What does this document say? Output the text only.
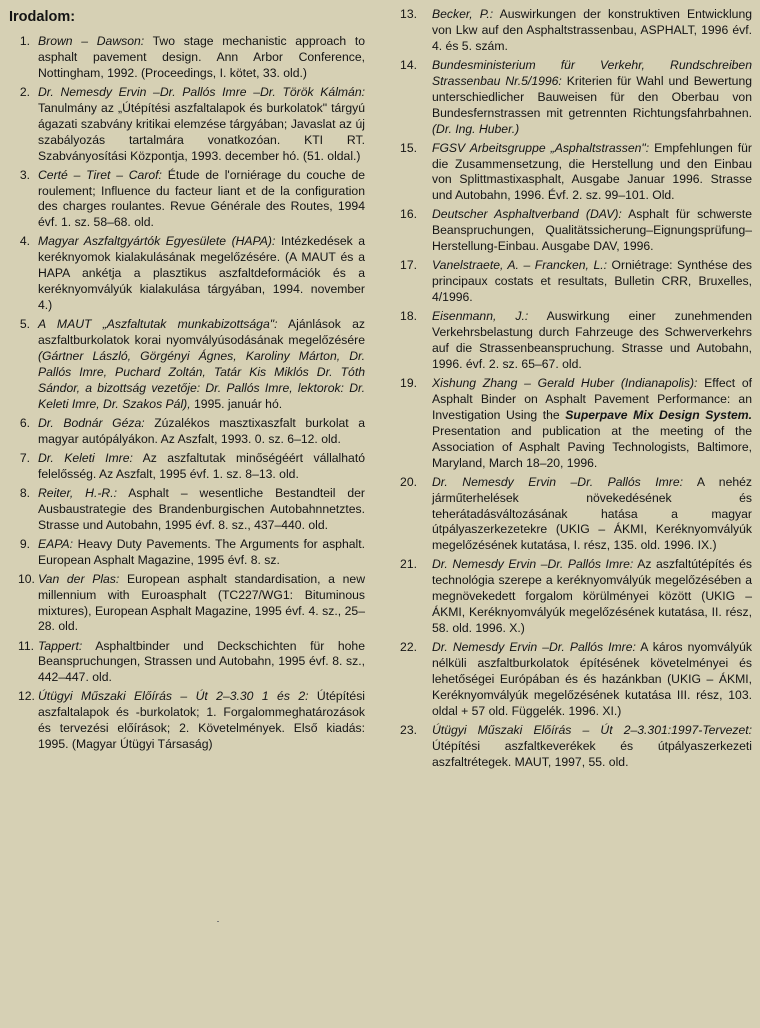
Irodalom:
1. Brown – Dawson: Two stage mechanistic approach to asphalt pavement design. Ann Arbor Conference, Nottingham, 1992. (Proceedings, I. kötet, 33. old.)
2. Dr. Nemesdy Ervin –Dr. Pallós Imre –Dr. Török Kálmán: Tanulmány az „Útépítési aszfaltalapok és burkolatok" tárgyú ágazati szabvány kritikai elemzése tárgyában; Javaslat az új szabályozás tartalmára vonatkozóan. KTI RT. Szabványosítási Központja, 1993. december hó. (51. oldal.)
3. Certé – Tiret – Carof: Étude de l'orniérage du couche de roulement; Influence du facteur liant et de la configuration des charges roulantes. Revue Générale des Routes, 1994 évf. 1. sz. 58–68. old.
4. Magyar Aszfaltgyártók Egyesülete (HAPA): Intézkedések a keréknyomok kialakulásának megelőzésére. (A MAUT és a HAPA ankétja a plasztikus aszfaltdeformációk és a keréknyomvályúk kialakulása tárgyában, 1994. november 4.)
5. A MAUT „Aszfaltutak munkabizottsága": Ajánlások az aszfaltburkolatok korai nyomvályúsodásának megelőzésére (Gártner László, Görgényi Ágnes, Karoliny Márton, Dr. Pallós Imre, Puchard Zoltán, Tatár Kis Miklós Dr. Tóth Sándor, a bizottság vezetője: Dr. Pallós Imre, lektorok: Dr. Keleti Imre, Dr. Szakos Pál), 1995. január hó.
6. Dr. Bodnár Géza: Zúzalékos masztixaszfalt burkolat a magyar autópályákon. Az Aszfalt, 1993. 0. sz. 6–12. old.
7. Dr. Keleti Imre: Az aszfaltutak minőségéért vállalható felelősség. Az Aszfalt, 1995 évf. 1. sz. 8–13. old.
8. Reiter, H.-R.: Asphalt – wesentliche Bestandteil der Ausbaustrategie des Brandenburgischen Autobahnnetztes. Strasse und Autobahn, 1995 évf. 8. sz., 437–440. old.
9. EAPA: Heavy Duty Pavements. The Arguments for asphalt. European Asphalt Magazine, 1995 évf. 8. sz.
10. Van der Plas: European asphalt standardisation, a new millennium with Euroasphalt (TC227/WG1: Bituminous mixtures), European Asphalt Magazine, 1995 évf. 4. sz., 25–28. old.
11. Tappert: Asphaltbinder und Deckschichten für hohe Beanspruchungen, Strassen und Autobahn, 1995 évf. 8. sz., 442–447. old.
12. Útügyi Műszaki Előírás – Út 2–3.30 1 és 2: Útépítési aszfaltalapok és -burkolatok; 1. Forgalommeghatározások és tervezési előírások; 2. Követelmények. Első kiadás: 1995. (Magyar Útügyi Társaság)
13. Becker, P.: Auswirkungen der konstruktiven Entwicklung von Lkw auf den Asphaltstrassenbau, ASPHALT, 1996 évf. 4. és 5. szám.
14. Bundesministerium für Verkehr, Rundschreiben Strassenbau Nr.5/1996: Kriterien für Wahl und Bewertung unterschiedlicher Bauweisen für den Oberbau von Bundesfernstrassen mit getrennten Richtungsfahrbahnen. (Dr. Ing. Huber.)
15. FGSV Arbeitsgruppe „Asphaltstrassen": Empfehlungen für die Zusammensetzung, die Herstellung und den Einbau von Splittmastixasphalt, Ausgabe Januar 1996. Strasse und Autobahn, 1996. Évf. 2. sz. 99–101. Old.
16. Deutscher Asphaltverband (DAV): Asphalt für schwerste Beanspruchungen, Qualitätssicherung–Eignungsprüfung–Herstellung-Einbau. Ausgabe DAV, 1996.
17. Vanelstraete, A. – Francken, L.: Orniétrage: Synthése des principaux costats et resultats, Bulletin CRR, Bruxelles, 4/1996.
18. Eisenmann, J.: Auswirkung einer zunehmenden Verkehrsbelastung durch Fahrzeuge des Schwerverkehrs auf die Strassenbeanspruchung. Strasse und Autobahn, 1996. évf. 2. sz. 65–67. old.
19. Xishung Zhang – Gerald Huber (Indianapolis): Effect of Asphalt Binder on Asphalt Pavement Performance: an Investigation Using the Superpave Mix Design System. Presentation and publication at the meeting of the Association of Asphalt Paving Technologists, Baltimore, Maryland, March 18–20, 1996.
20. Dr. Nemesdy Ervin –Dr. Pallós Imre: A nehéz járműterhelések növekedésének és teherátadásváltozásának hatása a magyar útpályaszerkezetekre (UKIG – ÁKMI, Keréknyomvályúk megelőzésének kutatása, I. rész, 135. old. 1996. IX.)
21. Dr. Nemesdy Ervin –Dr. Pallós Imre: Az aszfaltútépítés és technológia szerepe a keréknyomvályúk megelőzésében a megnövekedett forgalom körülményei között (UKIG – ÁKMI, Keréknyomvályúk megelőzésének kutatása, II. rész, 58. old. 1996. X.)
22. Dr. Nemesdy Ervin –Dr. Pallós Imre: A káros nyomvályúk nélküli aszfaltburkolatok építésének követelményei és lehetőségei Európában és és hazánkban (UKIG – ÁKMI, Keréknyomvályúk megelőzésének kutatása III. rész, 103. oldal + 57 old. Függelék. 1996. XI.)
23. Útügyi Műszaki Előírás – Út 2–3.301:1997-Tervezet: Útépítési aszfaltkeverékek és útpályaszerkezeti aszfaltrétegek. MAUT, 1997, 55. old.
